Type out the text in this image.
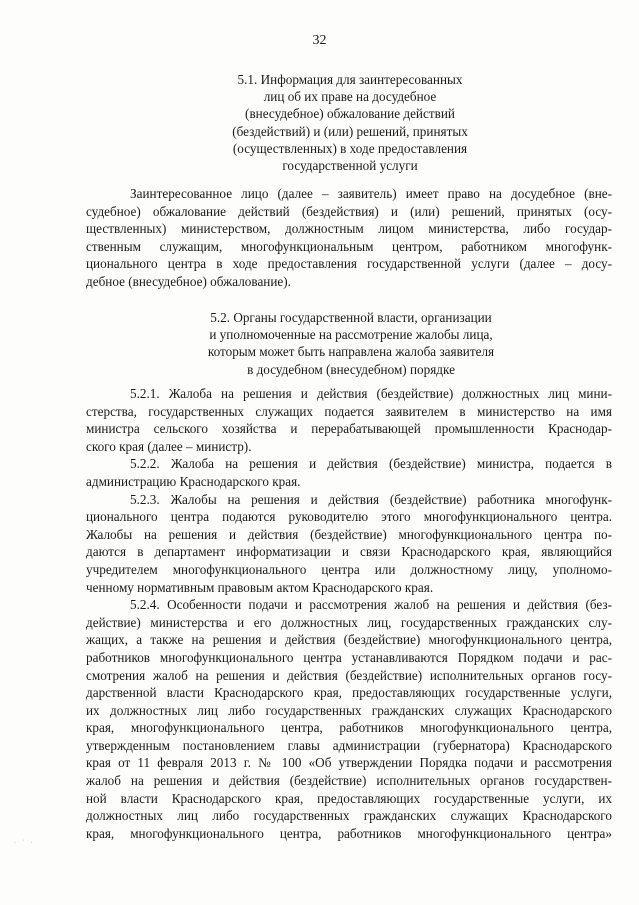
32
5.1. Информация для заинтересованных
лиц об их праве на досудебное
(внесудебное) обжалование действий
(бездействий) и (или) решений, принятых
(осуществленных) в ходе предоставления
государственной услуги
Заинтересованное лицо (далее – заявитель) имеет право на досудебное (вне-
судебное) обжалование действий (бездействия) и (или) решений, принятых (осу-
ществленных) министерством, должностным лицом министерства, либо государ-
ственным служащим, многофункциональным центром, работником многофунк-
ционального центра в ходе предоставления государственной услуги (далее – досу-
дебное (внесудебное) обжалование).
5.2. Органы государственной власти, организации
и уполномоченные на рассмотрение жалобы лица,
которым может быть направлена жалоба заявителя
в досудебном (внесудебном) порядке
5.2.1. Жалоба на решения и действия (бездействие) должностных лиц мини-
стерства, государственных служащих подается заявителем в министерство на имя
министра сельского хозяйства и перерабатывающей промышленности Краснодар-
ского края (далее – министр).
5.2.2. Жалоба на решения и действия (бездействие) министра, подается в
администрацию Краснодарского края.
5.2.3. Жалобы на решения и действия (бездействие) работника многофунк-
ционального центра подаются руководителю этого многофункционального центра.
Жалобы на решения и действия (бездействие) многофункционального центра по-
даются в департамент информатизации и связи Краснодарского края, являющийся
учредителем многофункционального центра или должностному лицу, уполномо-
ченному нормативным правовым актом Краснодарского края.
5.2.4. Особенности подачи и рассмотрения жалоб на решения и действия (без-
действие) министерства и его должностных лиц, государственных гражданских слу-
жащих, а также на решения и действия (бездействие) многофункционального центра,
работников многофункционального центра устанавливаются Порядком подачи и рас-
смотрения жалоб на решения и действия (бездействие) исполнительных органов госу-
дарственной власти Краснодарского края, предоставляющих государственные услуги,
их должностных лиц либо государственных гражданских служащих Краснодарского
края, многофункционального центра, работников многофункционального центра,
утвержденным постановлением главы администрации (губернатора) Краснодарского
края от 11 февраля 2013 г. № 100 «Об утверждении Порядка подачи и рассмотрения
жалоб на решения и действия (бездействие) исполнительных органов государствен-
ной власти Краснодарского края, предоставляющих государственные услуги, их
должностных лиц либо государственных гражданских служащих Краснодарского
края, многофункционального центра, работников многофункционального центра»
∙ ˙ ∙
